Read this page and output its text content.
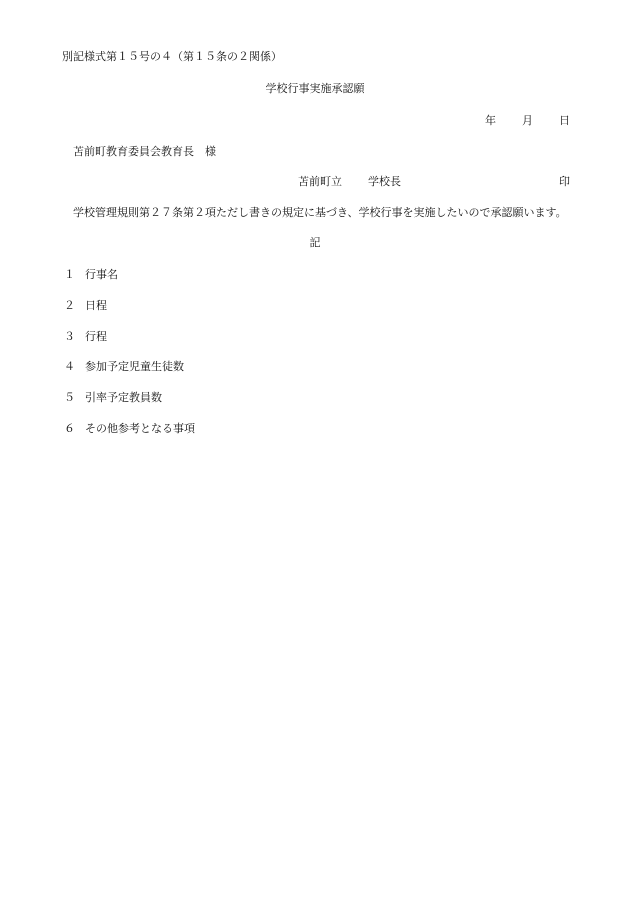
別記様式第１５号の４（第１５条の２関係）
学校行事実施承認願
年 月 日
苫前町教育委員会教育長　様
苫前町立 学校長	印
学校管理規則第２７条第２項ただし書きの規定に基づき、学校行事を実施したいので承認願います。
記
１ 行事名
２ 日程
３ 行程
４ 参加予定児童生徒数
５ 引率予定教員数
６ その他参考となる事項
